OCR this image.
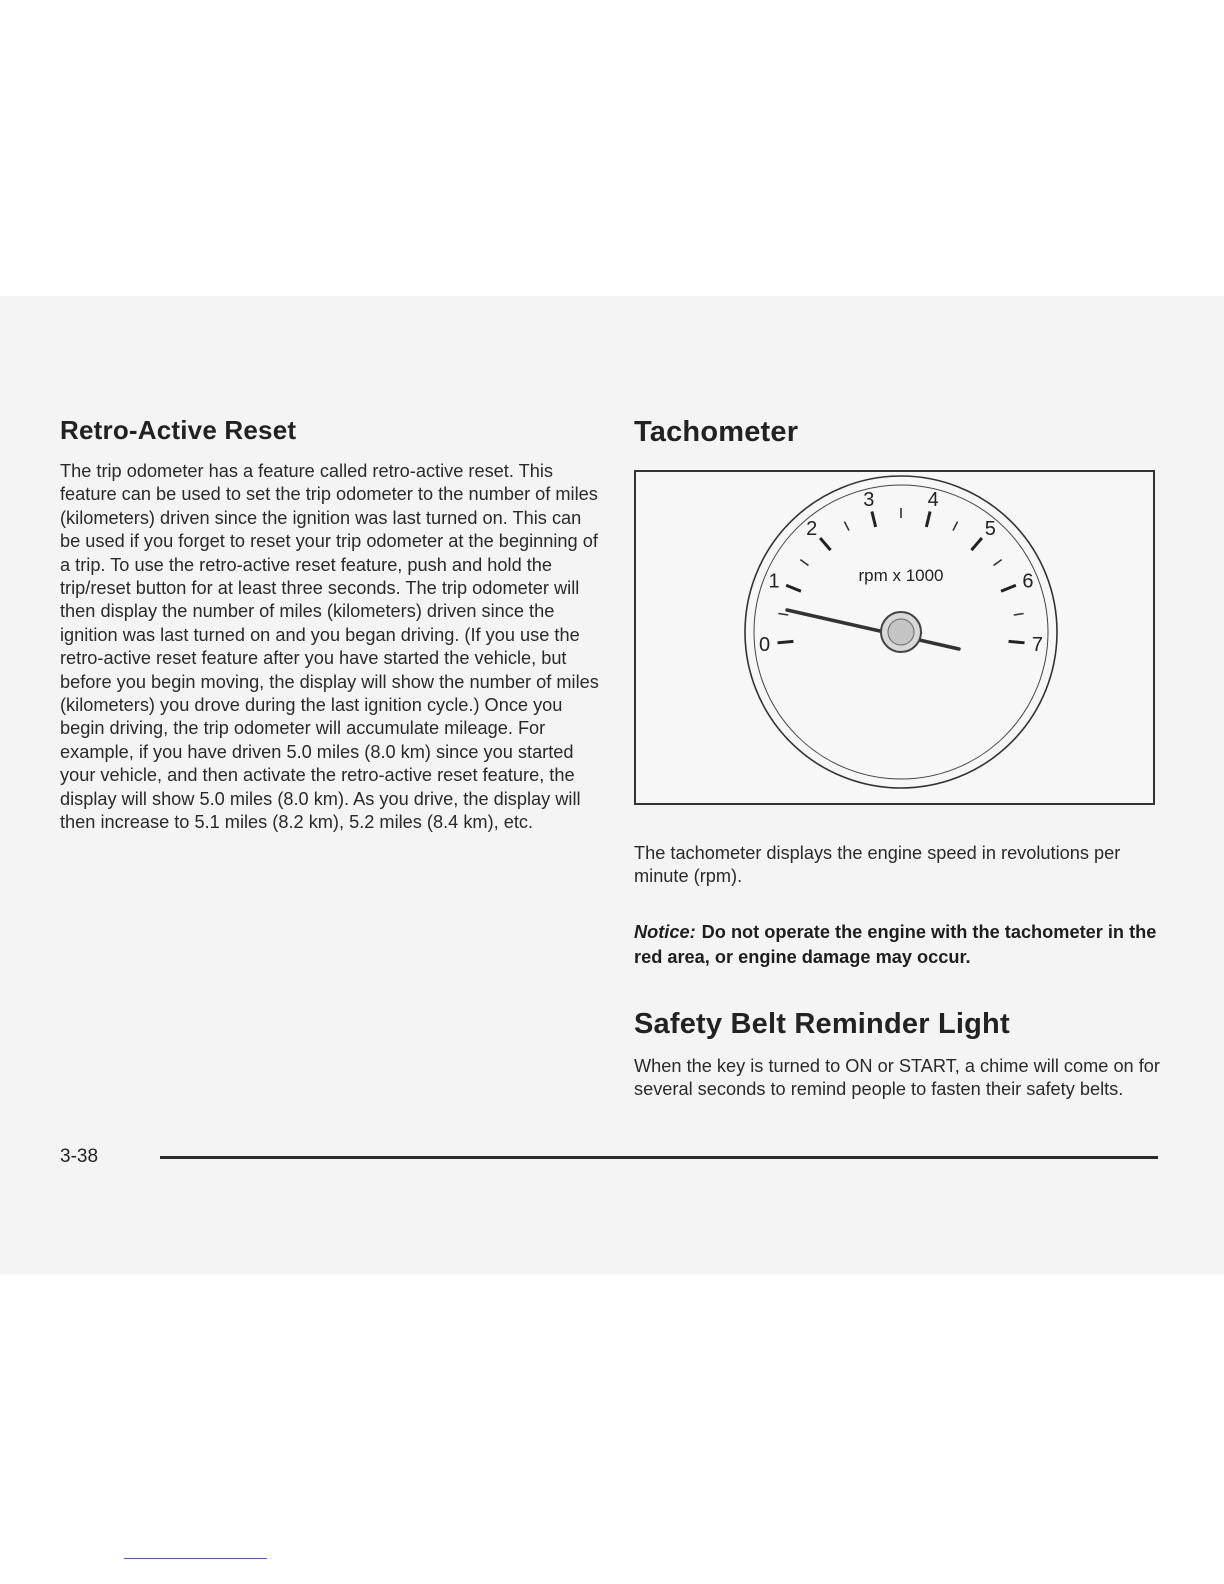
Retro-Active Reset

The trip odometer has a feature called retro-active reset. This feature can be used to set the trip odometer to the number of miles (kilometers) driven since the ignition was last turned on. This can be used if you forget to reset your trip odometer at the beginning of a trip. To use the retro-active reset feature, push and hold the trip/reset button for at least three seconds. The trip odometer will then display the number of miles (kilometers) driven since the ignition was last turned on and you began driving. (If you use the retro-active reset feature after you have started the vehicle, but before you begin moving, the display will show the number of miles (kilometers) you drove during the last ignition cycle.) Once you begin driving, the trip odometer will accumulate mileage. For example, if you have driven 5.0 miles (8.0 km) since you started your vehicle, and then activate the retro-active reset feature, the display will show 5.0 miles (8.0 km). As you drive, the display will then increase to 5.1 miles (8.2 km), 5.2 miles (8.4 km), etc.

Tachometer
rpm x 1000
0
1
2
3	4
5
6
7

The tachometer displays the engine speed in revolutions per minute (rpm).

Notice: Do not operate the engine with the tachometer in the red area, or engine damage may occur.

Safety Belt Reminder Light

When the key is turned to ON or START, a chime will come on for several seconds to remind people to fasten their safety belts.

3-38
